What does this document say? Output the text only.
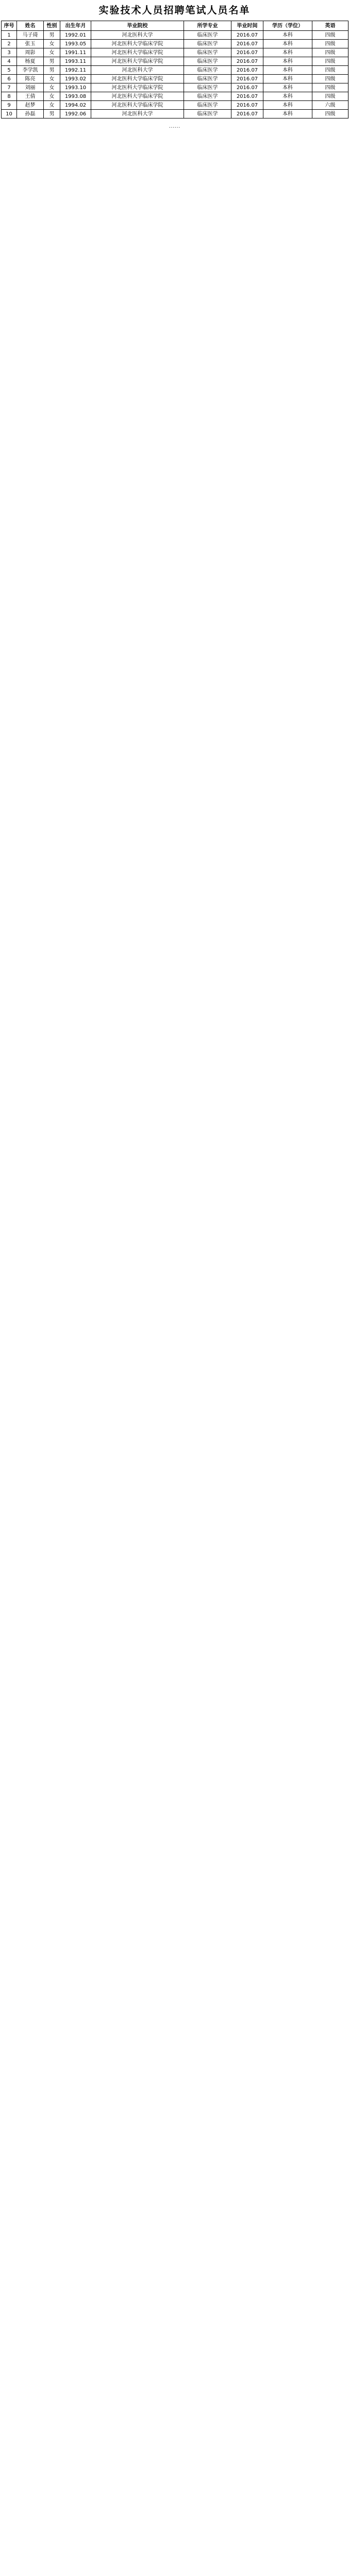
实验技术人员招聘笔试人员名单
序号	姓名	性别	出生年月	毕业院校	所学专业	毕业时间	学历（学位）	英语
1	马子琦	男	1992.01	河北医科大学	临床医学	2016.07	本科	四级
2	张玉	女	1993.05	河北医科大学临床学院	临床医学	2016.07	本科	四级
3	周影	女	1991.11	河北医科大学临床学院	临床医学	2016.07	本科	四级
4	杨夏	男	1993.11	河北医科大学临床学院	临床医学	2016.07	本科	四级
5	李学凯	男	1992.11	河北医科大学	临床医学	2016.07	本科	四级
6	陈亮	女	1993.02	河北医科大学临床学院	临床医学	2016.07	本科	四级
7	刘丽	女	1993.10	河北医科大学临床学院	临床医学	2016.07	本科	四级
8	王倩	女	1993.08	河北医科大学临床学院	临床医学	2016.07	本科	四级
9	赵梦	女	1994.02	河北医科大学临床学院	临床医学	2016.07	本科	六级
10	孙磊	男	1992.06	河北医科大学	临床医学	2016.07	本科	四级
……
